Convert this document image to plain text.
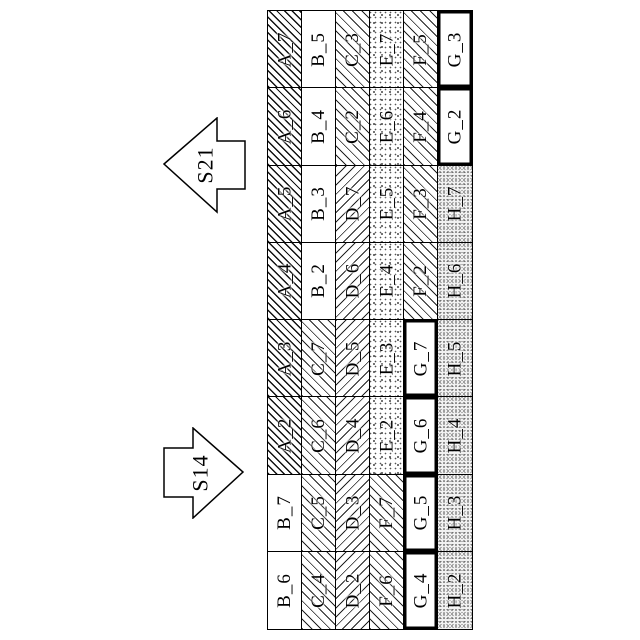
S21
S14
A_7 B_5 C_3 E_7 F_5 G_3
A_6 B_4 C_2 E_6 F_4 G_2
A_5 B_3 D_7 E_5 F_3 H_7
A_4 B_2 D_6 E_4 F_2 H_6
A_3 C_7 D_5 E_3 G_7 H_5
A_2 C_6 D_4 E_2 G_6 H_4
B_7 C_5 D_3 F_7 G_5 H_3
B_6 C_4 D_2 F_6 G_4 H_2
